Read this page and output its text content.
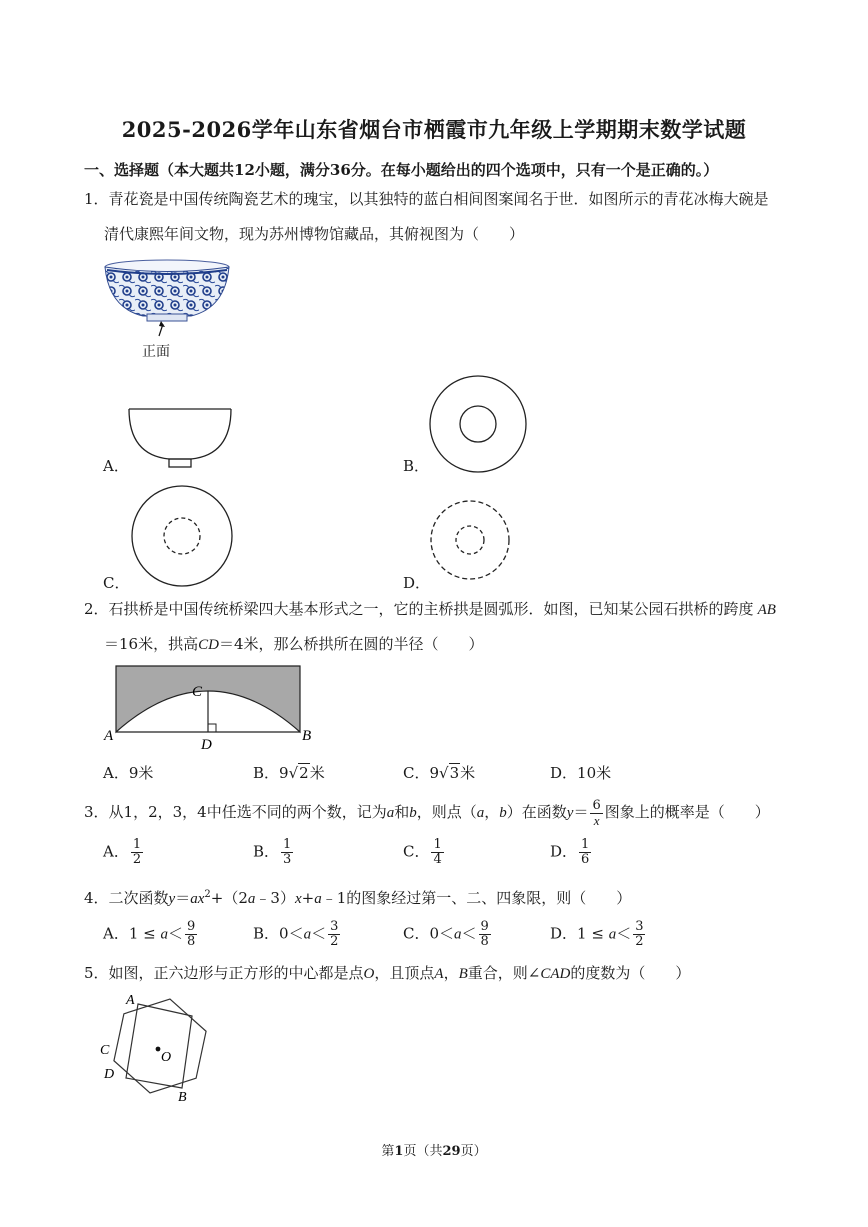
2025-2026学年山东省烟台市栖霞市九年级上学期期末数学试题
一、选择题（本大题共12小题，满分36分。在每小题给出的四个选项中，只有一个是正确的。）
1．青花瓷是中国传统陶瓷艺术的瑰宝，以其独特的蓝白相间图案闻名于世．如图所示的青花冰梅大碗是
清代康熙年间文物，现为苏州博物馆藏品，其俯视图为（　　）
正面
A．	B．
C．	D．
2．石拱桥是中国传统桥梁四大基本形式之一，它的主桥拱是圆弧形．如图，已知某公园石拱桥的跨度 AB
＝16米，拱高CD＝4米，那么桥拱所在圆的半径（　　）
A	B
C
D
A．9米	B．9√2米	C．9√3米	D．10米
3．从1，2，3，4中任选不同的两个数，记为a和b，则点（a，b）在函数$y= \frac{6}{x}$ 图象上的概率是（　　）
A． $\frac{1}{2}$	B． $\frac{1}{3}$	C． $\frac{1}{4}$	D． $\frac{1}{6}$
4．二次函数$y=ax^2+(2a﹣3)x+a﹣1$的图象经过第一、二、四象限，则（　　）
A．$1 \le a< \frac{9}{8}$	B．$0<a< \frac{3}{2}$	C．$0<a< \frac{9}{8}$	D．$1 \le a< \frac{3}{2}$
5．如图，正六边形与正方形的中心都是点O，且顶点A，B重合，则∠CAD的度数为（　　）
A
B
C
D
O
第1页（共29页）
